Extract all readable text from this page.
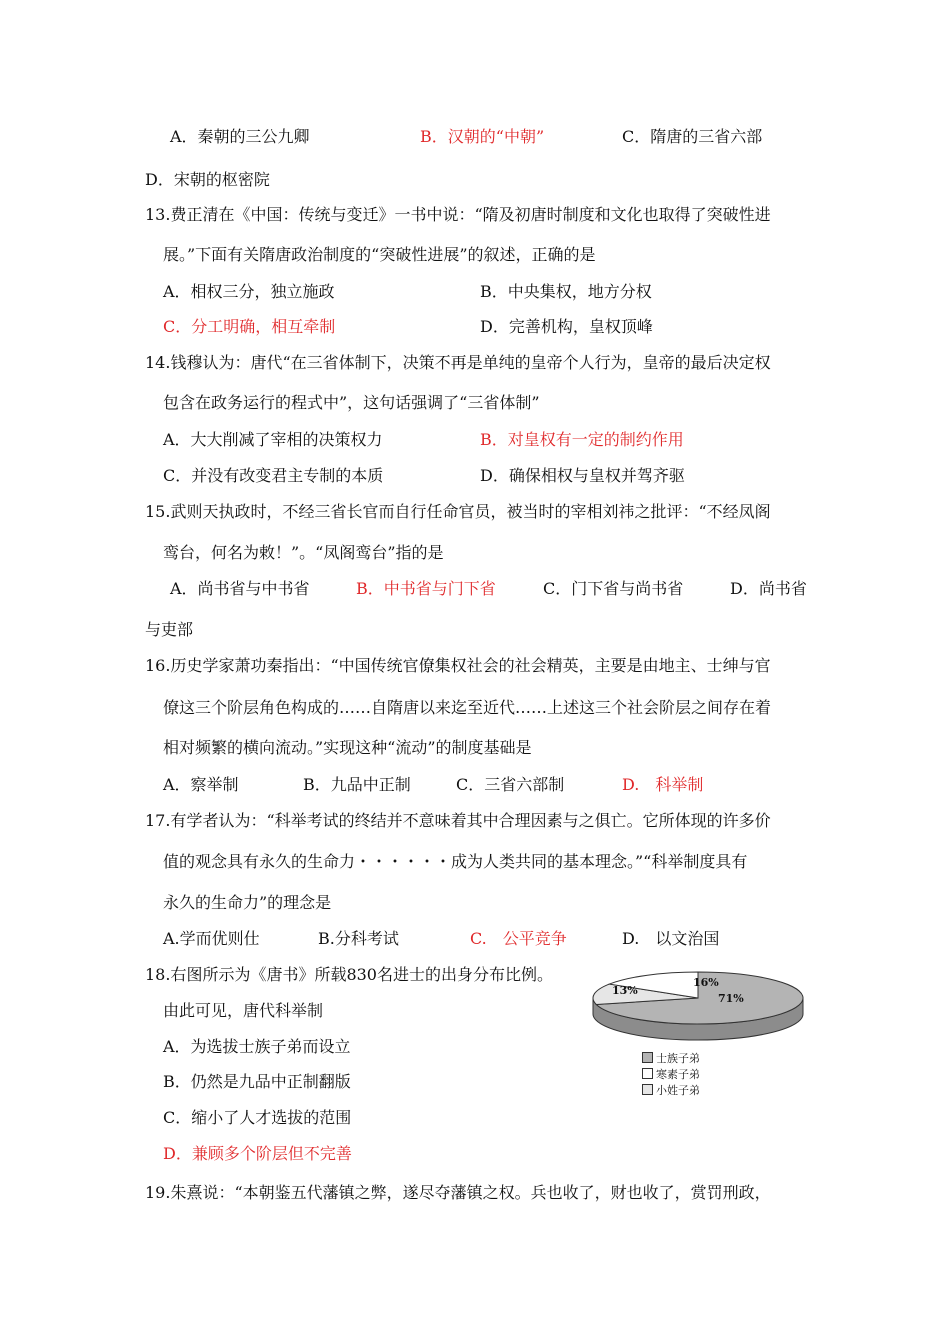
A．秦朝的三公九卿	B．汉朝的“中朝”	C．隋唐的三省六部
D．宋朝的枢密院
13.费正清在《中国：传统与变迁》一书中说：“隋及初唐时制度和文化也取得了突破性进
展。”下面有关隋唐政治制度的“突破性进展”的叙述，正确的是
A．相权三分，独立施政	B．中央集权，地方分权
C．分工明确，相互牵制	D．完善机构，皇权顶峰
14.钱穆认为：唐代“在三省体制下，决策不再是单纯的皇帝个人行为，皇帝的最后决定权
包含在政务运行的程式中”，这句话强调了“三省体制”
A．大大削减了宰相的决策权力	B．对皇权有一定的制约作用
C．并没有改变君主专制的本质	D．确保相权与皇权并驾齐驱
15.武则天执政时，不经三省长官而自行任命官员，被当时的宰相刘祎之批评：“不经凤阁
鸾台，何名为敕！”。“凤阁鸾台”指的是
A．尚书省与中书省	B．中书省与门下省	C．门下省与尚书省	D．尚书省
与吏部
16.历史学家萧功秦指出：“中国传统官僚集权社会的社会精英，主要是由地主、士绅与官
僚这三个阶层角色构成的……自隋唐以来迄至近代……上述这三个社会阶层之间存在着
相对频繁的横向流动。”实现这种“流动”的制度基础是
A．察举制	B．九品中正制	C．三省六部制	D.　科举制
17.有学者认为：“科举考试的终结并不意味着其中合理因素与之俱亡。它所体现的许多价
值的观念具有永久的生命力・・・・・・成为人类共同的基本理念。”“科举制度具有
永久的生命力”的理念是
A.学而优则仕	B.分科考试	C.　公平竞争	D.　以文治国
18.右图所示为《唐书》所载830名进士的出身分布比例。
由此可见，唐代科举制
A．为选拔士族子弟而设立
B．仍然是九品中正制翻版
C．缩小了人才选拔的范围
D．兼顾多个阶层但不完善
71%
16%
13%
士族子弟
寒素子弟
小姓子弟
19.朱熹说：“本朝鉴五代藩镇之弊，遂尽夺藩镇之权。兵也收了，财也收了，赏罚刑政，
